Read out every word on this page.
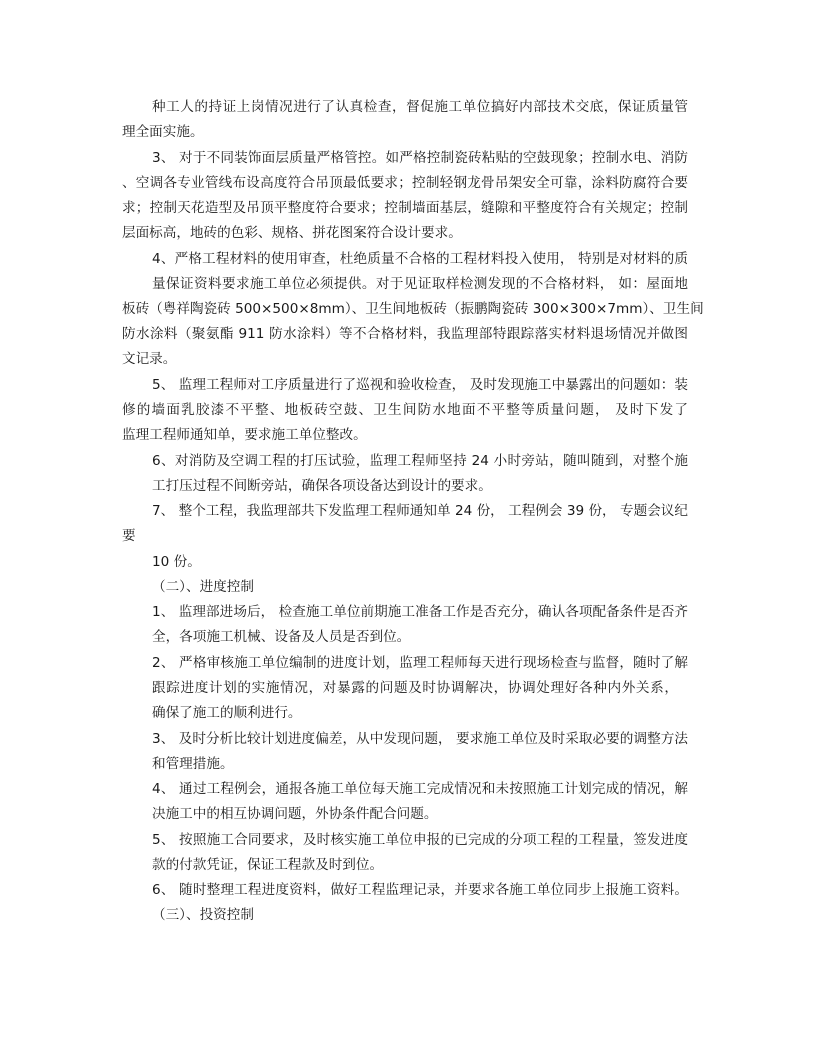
种工人的持证上岗情况进行了认真检查，督促施工单位搞好内部技术交底，保证质量管
理全面实施。
3、 对于不同装饰面层质量严格管控。如严格控制瓷砖粘贴的空鼓现象；控制水电、消防
、空调各专业管线布设高度符合吊顶最低要求；控制轻钢龙骨吊架安全可靠，涂料防腐符合要
求；控制天花造型及吊顶平整度符合要求；控制墙面基层，缝隙和平整度符合有关规定；控制
层面标高，地砖的色彩、规格、拼花图案符合设计要求。
4、严格工程材料的使用审查，杜绝质量不合格的工程材料投入使用， 特别是对材料的质
量保证资料要求施工单位必须提供。对于见证取样检测发现的不合格材料， 如：屋面地
板砖（粤祥陶瓷砖 500×500×8mm）、卫生间地板砖（振鹏陶瓷砖 300×300×7mm）、卫生间
防水涂料（聚氨酯 911 防水涂料）等不合格材料，我监理部特跟踪落实材料退场情况并做图
文记录。
5、 监理工程师对工序质量进行了巡视和验收检查， 及时发现施工中暴露出的问题如：装
修的墙面乳胶漆不平整、地板砖空鼓、卫生间防水地面不平整等质量问题， 及时下发了
监理工程师通知单，要求施工单位整改。
6、对消防及空调工程的打压试验，监理工程师坚持 24 小时旁站，随叫随到，对整个施
工打压过程不间断旁站，确保各项设备达到设计的要求。
7、 整个工程，我监理部共下发监理工程师通知单 24 份， 工程例会 39 份， 专题会议纪
要
10 份。
（二）、进度控制
1、 监理部进场后， 检查施工单位前期施工准备工作是否充分，确认各项配备条件是否齐
全，各项施工机械、设备及人员是否到位。
2、 严格审核施工单位编制的进度计划，监理工程师每天进行现场检查与监督，随时了解
跟踪进度计划的实施情况，对暴露的问题及时协调解决，协调处理好各种内外关系，
确保了施工的顺利进行。
3、 及时分析比较计划进度偏差，从中发现问题， 要求施工单位及时采取必要的调整方法
和管理措施。
4、 通过工程例会，通报各施工单位每天施工完成情况和未按照施工计划完成的情况，解
决施工中的相互协调问题，外协条件配合问题。
5、 按照施工合同要求，及时核实施工单位申报的已完成的分项工程的工程量，签发进度
款的付款凭证，保证工程款及时到位。
6、 随时整理工程进度资料，做好工程监理记录，并要求各施工单位同步上报施工资料。
（三）、投资控制
